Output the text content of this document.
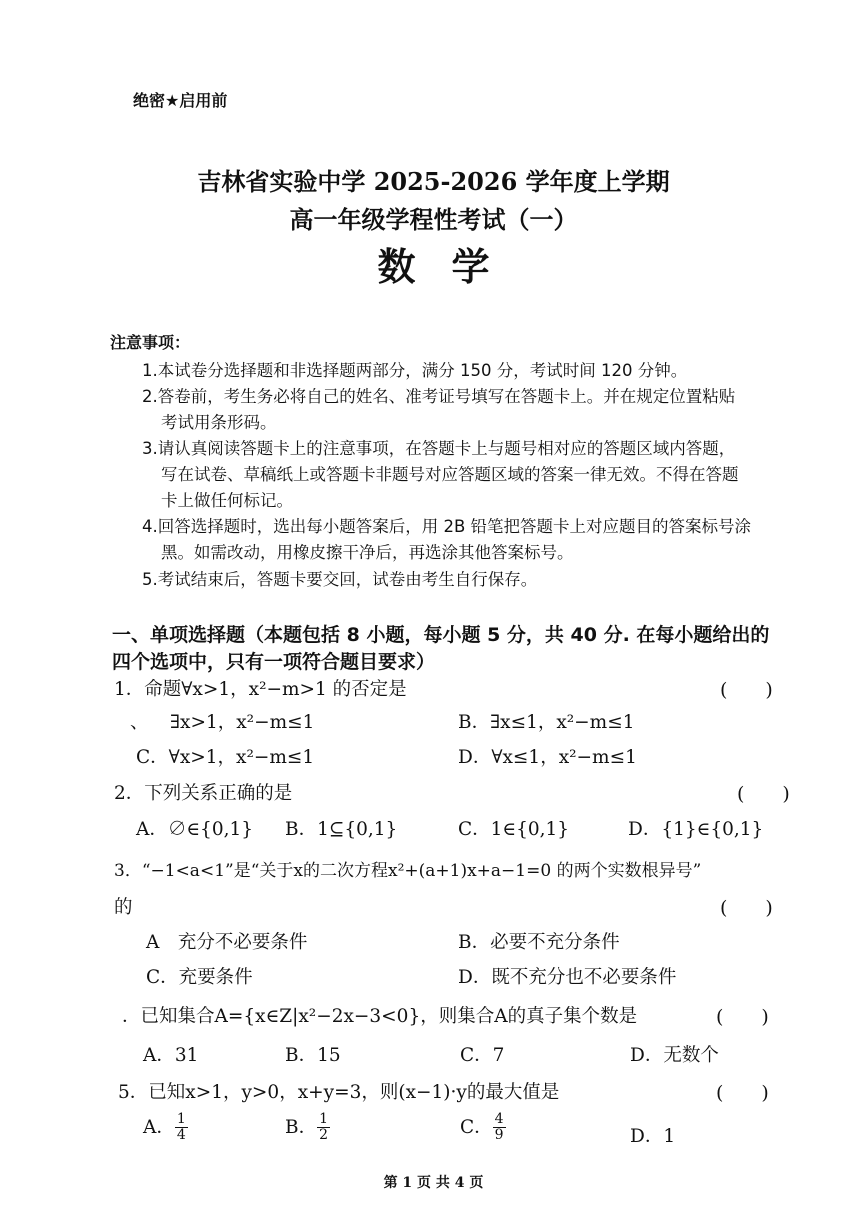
绝密★启用前
吉林省实验中学 2025-2026 学年度上学期
高一年级学程性考试（一）
数学
注意事项：
1.本试卷分选择题和非选择题两部分，满分 150 分，考试时间 120 分钟。
2.答卷前，考生务必将自己的姓名、准考证号填写在答题卡上。并在规定位置粘贴
考试用条形码。
3.请认真阅读答题卡上的注意事项，在答题卡上与题号相对应的答题区域内答题，
写在试卷、草稿纸上或答题卡非题号对应答题区域的答案一律无效。不得在答题
卡上做任何标记。
4.回答选择题时，选出每小题答案后，用 2B 铅笔把答题卡上对应题目的答案标号涂
黑。如需改动，用橡皮擦干净后，再选涂其他答案标号。
5.考试结束后，答题卡要交回，试卷由考生自行保存。
一、单项选择题（本题包括 8 小题，每小题 5 分，共 40 分. 在每小题给出的
四个选项中，只有一项符合题目要求）
1．命题∀x>1，x²−m>1 的否定是	(　　)
、 ∃x>1，x²−m≤1	B．∃x≤1，x²−m≤1
C．∀x>1，x²−m≤1	D．∀x≤1，x²−m≤1
2．下列关系正确的是	(　　)
A．∅∈{0,1} B．1⊆{0,1}	C．1∈{0,1}	D．{1}∈{0,1}
3．“−1<a<1”是“关于x的二次方程x²+(a+1)x+a−1=0 的两个实数根异号”
的	(　　)
A　充分不必要条件	B．必要不充分条件
C．充要条件	D．既不充分也不必要条件
．已知集合A={x∈Z|x²−2x−3<0}，则集合A的真子集个数是	(　　)
A．31	B．15	C．7	D．无数个
5．已知x>1，y>0，x+y=3，则(x−1)·y的最大值是	(　　)
A． $\frac{1}{4}$	B． $\frac{1}{2}$	C． $\frac{4}{9}$	D．1
第 1 页 共 4 页
